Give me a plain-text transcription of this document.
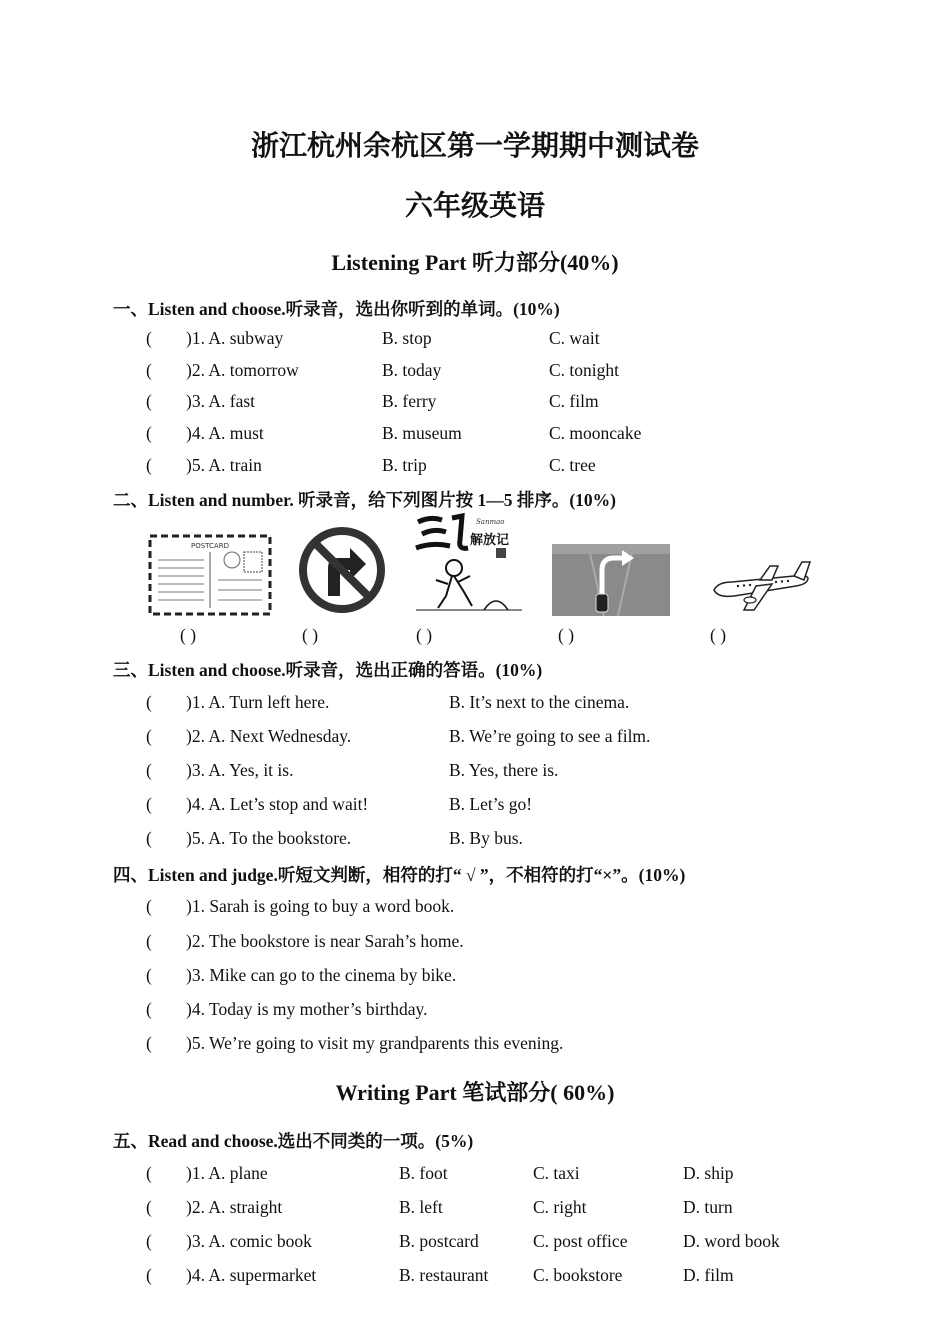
浙江杭州余杭区第一学期期中测试卷
六年级英语
Listening Part 听力部分(40%)
一、Listen and choose.听录音，选出你听到的单词。(10%)
( )1. A. subway	B. stop	C. wait
( )2. A. tomorrow	B. today	C. tonight
( )3. A. fast	B. ferry	C. film
( )4. A. must	B. museum	C. mooncake
( )5. A. train	B. trip	C. tree
二、Listen and number. 听录音，给下列图片按 1—5 排序。(10%)
POSTCARD
Sanmao
解放记
( )	( )	( )	( )	( )
三、Listen and choose.听录音，选出正确的答语。(10%)
( )1. A. Turn left here.	B. It’s next to the cinema.
( )2. A. Next Wednesday.	B. We’re going to see a film.
( )3. A. Yes, it is.	B. Yes, there is.
( )4. A. Let’s stop and wait!	B. Let’s go!
( )5. A. To the bookstore.	B. By bus.
四、Listen and judge.听短文判断，相符的打“ √ ”，不相符的打“×”。(10%)
( )1. Sarah is going to buy a word book.
( )2. The bookstore is near Sarah’s home.
( )3. Mike can go to the cinema by bike.
( )4. Today is my mother’s birthday.
( )5. We’re going to visit my grandparents this evening.
Writing Part 笔试部分( 60%)
五、Read and choose.选出不同类的一项。(5%)
( )1. A. plane	B. foot	C. taxi	D. ship
( )2. A. straight	B. left	C. right	D. turn
( )3. A. comic book	B. postcard	C. post office	D. word book
( )4. A. supermarket	B. restaurant	C. bookstore	D. film
